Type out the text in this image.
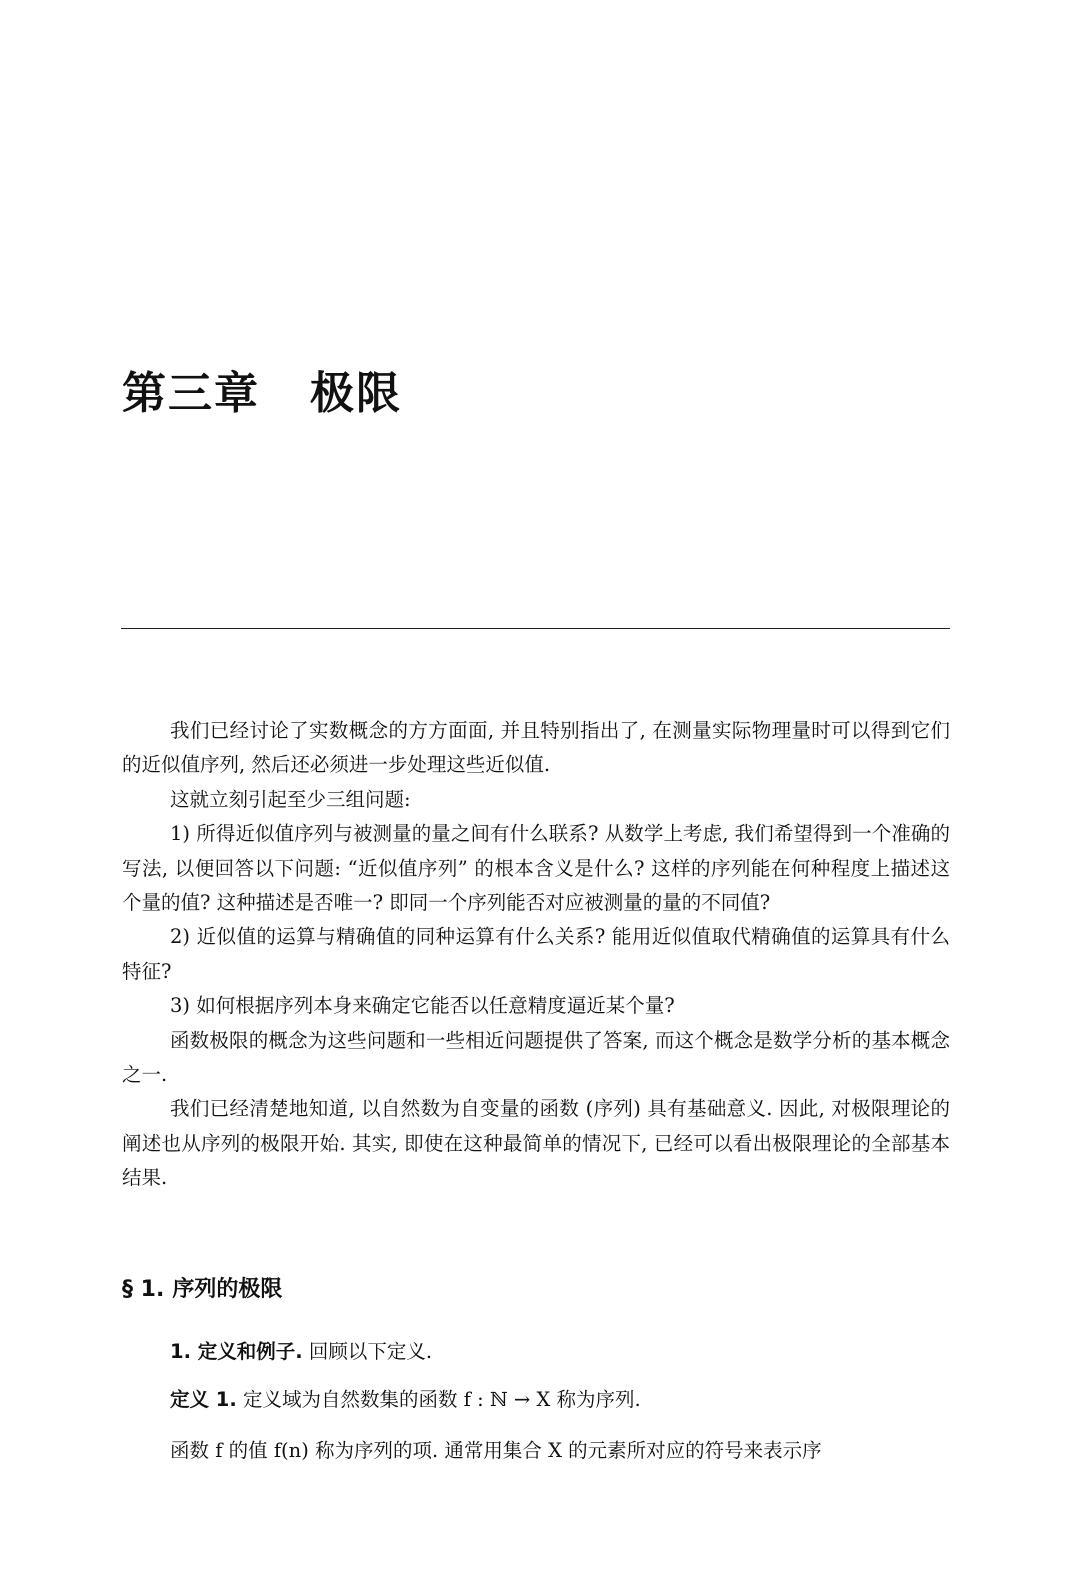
第三章 极限

我们已经讨论了实数概念的方方面面, 并且特别指出了, 在测量实际物理量时可以得到它们的近似值序列, 然后还必须进一步处理这些近似值.

这就立刻引起至少三组问题:

1) 所得近似值序列与被测量的量之间有什么联系? 从数学上考虑, 我们希望得到一个准确的写法, 以便回答以下问题: “近似值序列” 的根本含义是什么? 这样的序列能在何种程度上描述这个量的值? 这种描述是否唯一? 即同一个序列能否对应被测量的量的不同值?

2) 近似值的运算与精确值的同种运算有什么关系? 能用近似值取代精确值的运算具有什么特征?

3) 如何根据序列本身来确定它能否以任意精度逼近某个量?

函数极限的概念为这些问题和一些相近问题提供了答案, 而这个概念是数学分析的基本概念之一.

我们已经清楚地知道, 以自然数为自变量的函数 (序列) 具有基础意义. 因此, 对极限理论的阐述也从序列的极限开始. 其实, 即使在这种最简单的情况下, 已经可以看出极限理论的全部基本结果.

§ 1. 序列的极限
1. 定义和例子. 回顾以下定义.
定义 1. 定义域为自然数集的函数 f : ℕ → X 称为序列.
函数 f 的值 f(n) 称为序列的项. 通常用集合 X 的元素所对应的符号来表示序
